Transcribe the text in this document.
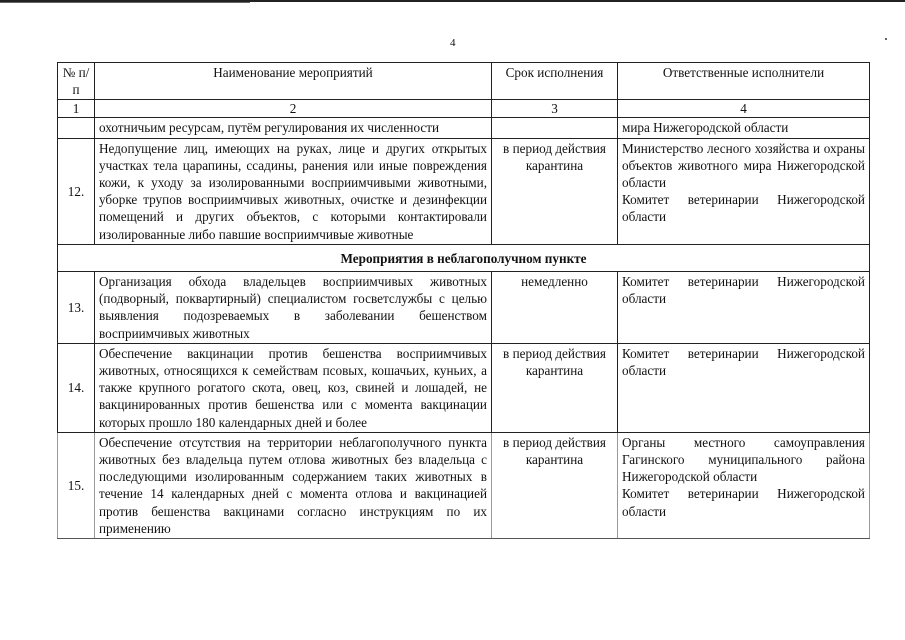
4
№ п/п	Наименование мероприятий	Срок исполнения	Ответственные исполнители
1	2	3	4
	охотничьим ресурсам, путём регулирования их численности		мира Нижегородской области
12.	Недопущение лиц, имеющих на руках, лице и других открытых участках тела царапины, ссадины, ранения или иные повреждения кожи, к уходу за изолированными восприимчивыми животными, уборке трупов восприимчивых животных, очистке и дезинфекции помещений и других объектов, с которыми контактировали изолированные либо павшие восприимчивые животные	в период действия карантина	Министерство лесного хозяйства и охраны объектов животного мира Нижегородской области
Комитет ветеринарии Нижегородской области

Мероприятия в неблагополучном пункте			
13.	Организация обхода владельцев восприимчивых животных (подворный, поквартирный) специалистом госветслужбы с целью выявления подозреваемых в заболевании бешенством восприимчивых животных	немедленно	Комитет ветеринарии Нижегородской области
14.	Обеспечение вакцинации против бешенства восприимчивых животных, относящихся к семействам псовых, кошачьих, куньих, а также крупного рогатого скота, овец, коз, свиней и лошадей, не вакцинированных против бешенства или с момента вакцинации которых прошло 180 календарных дней и более	в период действия карантина	Комитет ветеринарии Нижегородской области
15.	Обеспечение отсутствия на территории неблагополучного пункта животных без владельца путем отлова животных без владельца с последующими изолированным содержанием таких животных в течение 14 календарных дней с момента отлова и вакцинацией против бешенства вакцинами согласно инструкциям по их применению	в период действия карантина	Органы местного самоуправления Гагинского муниципального района Нижегородской области
Комитет ветеринарии Нижегородской области
